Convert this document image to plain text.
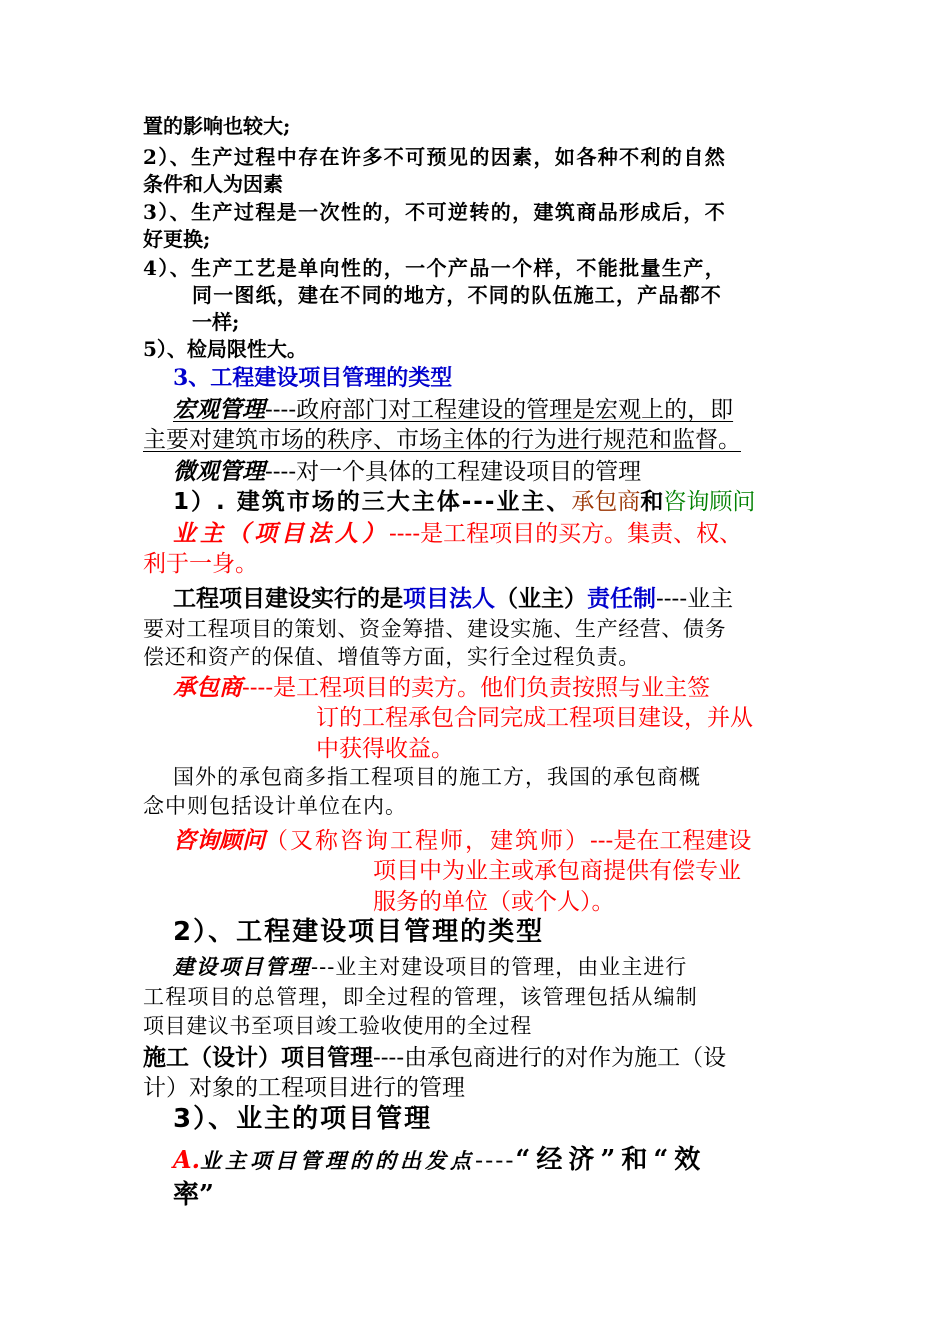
置的影响也较大;
2）、生产过程中存在许多不可预见的因素，如各种不利的自然
条件和人为因素
3）、生产过程是一次性的，不可逆转的，建筑商品形成后，不
好更换;
4）、生产工艺是单向性的，一个产品一个样，不能批量生产，
同一图纸，建在不同的地方，不同的队伍施工，产品都不
一样;
5）、检局限性大。
3、工程建设项目管理的类型
宏观管理----政府部门对工程建设的管理是宏观上的，即
主要对建筑市场的秩序、市场主体的行为进行规范和监督。
微观管理----对一个具体的工程建设项目的管理
1）. 建筑市场的三大主体---业主、承包商和咨询顾问
业主（项目法人）----是工程项目的买方。集责、权、
利于一身。
工程项目建设实行的是项目法人（业主）责任制----业主
要对工程项目的策划、资金筹措、建设实施、生产经营、债务
偿还和资产的保值、增值等方面，实行全过程负责。
承包商----是工程项目的卖方。他们负责按照与业主签
订的工程承包合同完成工程项目建设，并从
中获得收益。
国外的承包商多指工程项目的施工方，我国的承包商概
念中则包括设计单位在内。
咨询顾问（又称咨询工程师，建筑师）---是在工程建设
项目中为业主或承包商提供有偿专业
服务的单位（或个人）。
2）、工程建设项目管理的类型
建设项目管理---业主对建设项目的管理，由业主进行
工程项目的总管理，即全过程的管理，该管理包括从编制
项目建议书至项目竣工验收使用的全过程
施工（设计）项目管理----由承包商进行的对作为施工（设
计）对象的工程项目进行的管理
3）、业主的项目管理
A.业主项目管理的的出发点----“经济”和“效
率”
